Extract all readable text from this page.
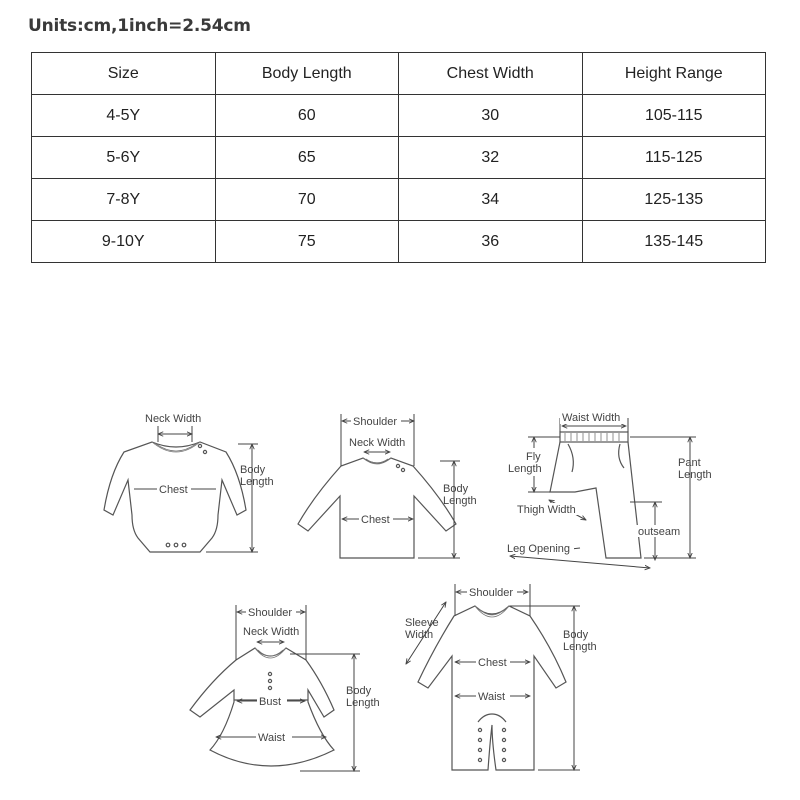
Units:cm,1inch=2.54cm
Size	Body Length	Chest Width	Height Range
4-5Y	60	30	105-115
5-6Y	65	32	115-125
7-8Y	70	34	125-135
9-10Y	75	36	135-145
Neck Width
Chest
Body
Length
Shoulder
Neck Width
Chest
Body
Length
Waist Width
Fly
Length	Pant
Length
Thigh Width
outseam
Leg Opening
Shoulder
Neck Width
Bust
Waist
Body
Length
Shoulder
Sleeve
Width
Chest
Waist
Body
Length
